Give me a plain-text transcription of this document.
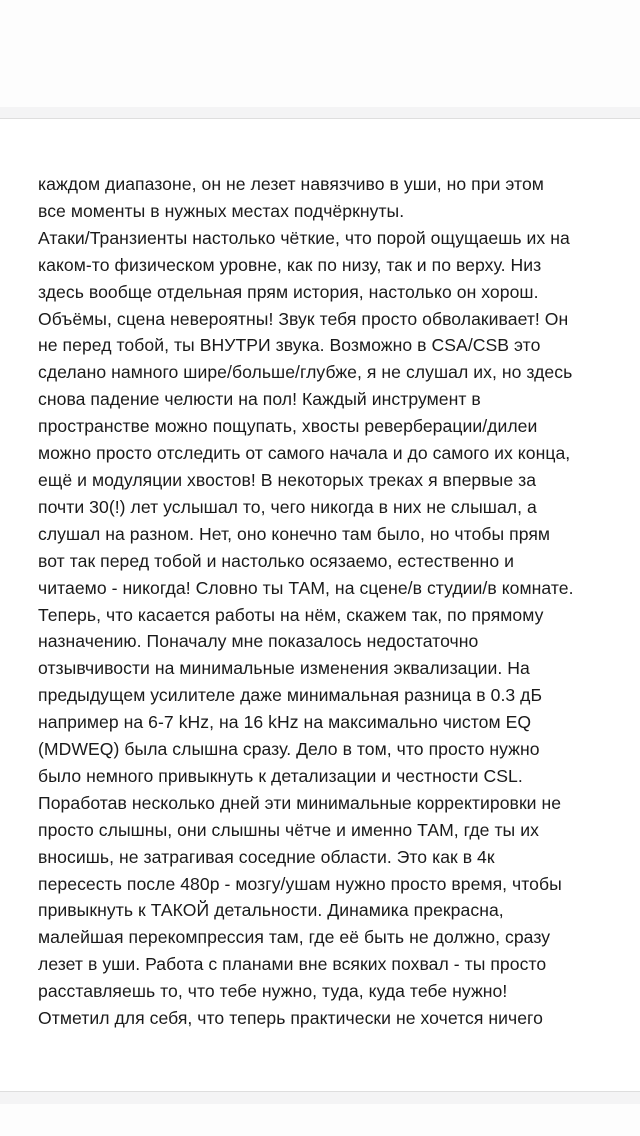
каждом диапазоне, он не лезет навязчиво в уши, но при этом
все моменты в нужных местах подчёркнуты.
Атаки/Транзиенты настолько чёткие, что порой ощущаешь их на
каком-то физическом уровне, как по низу, так и по верху. Низ
здесь вообще отдельная прям история, настолько он хорош.
Объёмы, сцена невероятны! Звук тебя просто обволакивает! Он
не перед тобой, ты ВНУТРИ звука. Возможно в CSA/CSB это
сделано намного шире/больше/глубже, я не слушал их, но здесь
снова падение челюсти на пол! Каждый инструмент в
пространстве можно пощупать, хвосты реверберации/дилеи
можно просто отследить от самого начала и до самого их конца,
ещё и модуляции хвостов! В некоторых треках я впервые за
почти 30(!) лет услышал то, чего никогда в них не слышал, а
слушал на разном. Нет, оно конечно там было, но чтобы прям
вот так перед тобой и настолько осязаемо, естественно и
читаемо - никогда! Словно ты ТАМ, на сцене/в студии/в комнате.
Теперь, что касается работы на нём, скажем так, по прямому
назначению. Поначалу мне показалось недостаточно
отзывчивости на минимальные изменения эквализации. На
предыдущем усилителе даже минимальная разница в 0.3 дБ
например на 6-7 kHz, на 16 kHz на максимально чистом EQ
(MDWEQ) была слышна сразу. Дело в том, что просто нужно
было немного привыкнуть к детализации и честности CSL.
Поработав несколько дней эти минимальные корректировки не
просто слышны, они слышны чётче и именно ТАМ, где ты их
вносишь, не затрагивая соседние области. Это как в 4к
пересесть после 480р - мозгу/ушам нужно просто время, чтобы
привыкнуть к ТАКОЙ детальности. Динамика прекрасна,
малейшая перекомпрессия там, где её быть не должно, сразу
лезет в уши. Работа с планами вне всяких похвал - ты просто
расставляешь то, что тебе нужно, туда, куда тебе нужно!
Отметил для себя, что теперь практически не хочется ничего
